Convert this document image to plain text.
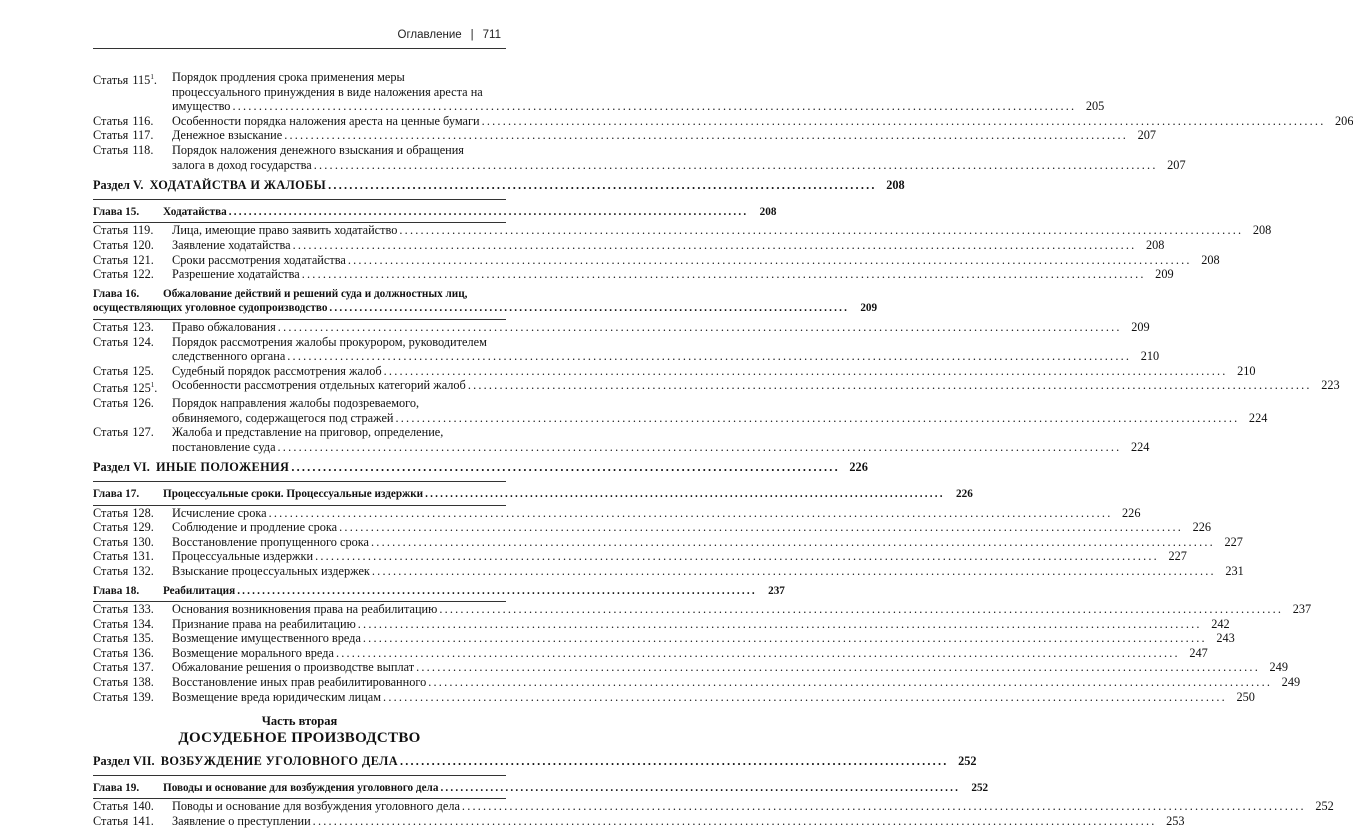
Оглавление | 711
Статья $115^1$. Порядок продления срока применения меры
процессуального принуждения в виде наложения ареста на
имущество ................................................................................................................................................................ 205
Статья 116. Особенности порядка наложения ареста на ценные бумаги ................................................................................................................................................................ 206
Статья 117. Денежное взыскание ................................................................................................................................................................ 207
Статья 118. Порядок наложения денежного взыскания и обращения
залога в доход государства ................................................................................................................................................................ 207
Раздел V. ХОДАТАЙСТВА И ЖАЛОБЫ ........................................................................................................ 208
Глава 15. Ходатайства ........................................................................................................	208
Статья 119. Лица, имеющие право заявить ходатайство ................................................................................................................................................................ 208
Статья 120. Заявление ходатайства ................................................................................................................................................................ 208
Статья 121. Сроки рассмотрения ходатайства ................................................................................................................................................................ 208
Статья 122. Разрешение ходатайства ................................................................................................................................................................ 209
Глава 16. Обжалование действий и решений суда и должностных лиц,
осуществляющих уголовное судопроизводство ........................................................................................................	209
Статья 123. Право обжалования ................................................................................................................................................................ 209
Статья 124. Порядок рассмотрения жалобы прокурором, руководителем
следственного органа ................................................................................................................................................................ 210
Статья 125. Судебный порядок рассмотрения жалоб ................................................................................................................................................................ 210
Статья $125^1$. Особенности рассмотрения отдельных категорий жалоб ................................................................................................................................................................ 223
Статья 126. Порядок направления жалобы подозреваемого,
обвиняемого, содержащегося под стражей ................................................................................................................................................................ 224
Статья 127. Жалоба и представление на приговор, определение,
постановление суда ................................................................................................................................................................ 224
Раздел VI. ИНЫЕ ПОЛОЖЕНИЯ ........................................................................................................ 226
Глава 17. Процессуальные сроки. Процессуальные издержки ........................................................................................................	226
Статья 128. Исчисление срока ................................................................................................................................................................ 226
Статья 129. Соблюдение и продление срока ................................................................................................................................................................ 226
Статья 130. Восстановление пропущенного срока ................................................................................................................................................................ 227
Статья 131. Процессуальные издержки ................................................................................................................................................................ 227
Статья 132. Взыскание процессуальных издержек ................................................................................................................................................................ 231
Глава 18. Реабилитация ........................................................................................................	237
Статья 133. Основания возникновения права на реабилитацию ................................................................................................................................................................ 237
Статья 134. Признание права на реабилитацию ................................................................................................................................................................ 242
Статья 135. Возмещение имущественного вреда ................................................................................................................................................................ 243
Статья 136. Возмещение морального вреда ................................................................................................................................................................ 247
Статья 137. Обжалование решения о производстве выплат ................................................................................................................................................................ 249
Статья 138. Восстановление иных прав реабилитированного ................................................................................................................................................................ 249
Статья 139. Возмещение вреда юридическим лицам ................................................................................................................................................................ 250
Часть вторая
ДОСУДЕБНОЕ ПРОИЗВОДСТВО
Раздел VII. ВОЗБУЖДЕНИЕ УГОЛОВНОГО ДЕЛА ........................................................................................................ 252
Глава 19. Поводы и основание для возбуждения уголовного дела ........................................................................................................	252
Статья 140. Поводы и основание для возбуждения уголовного дела ................................................................................................................................................................ 252
Статья 141. Заявление о преступлении ................................................................................................................................................................ 253
